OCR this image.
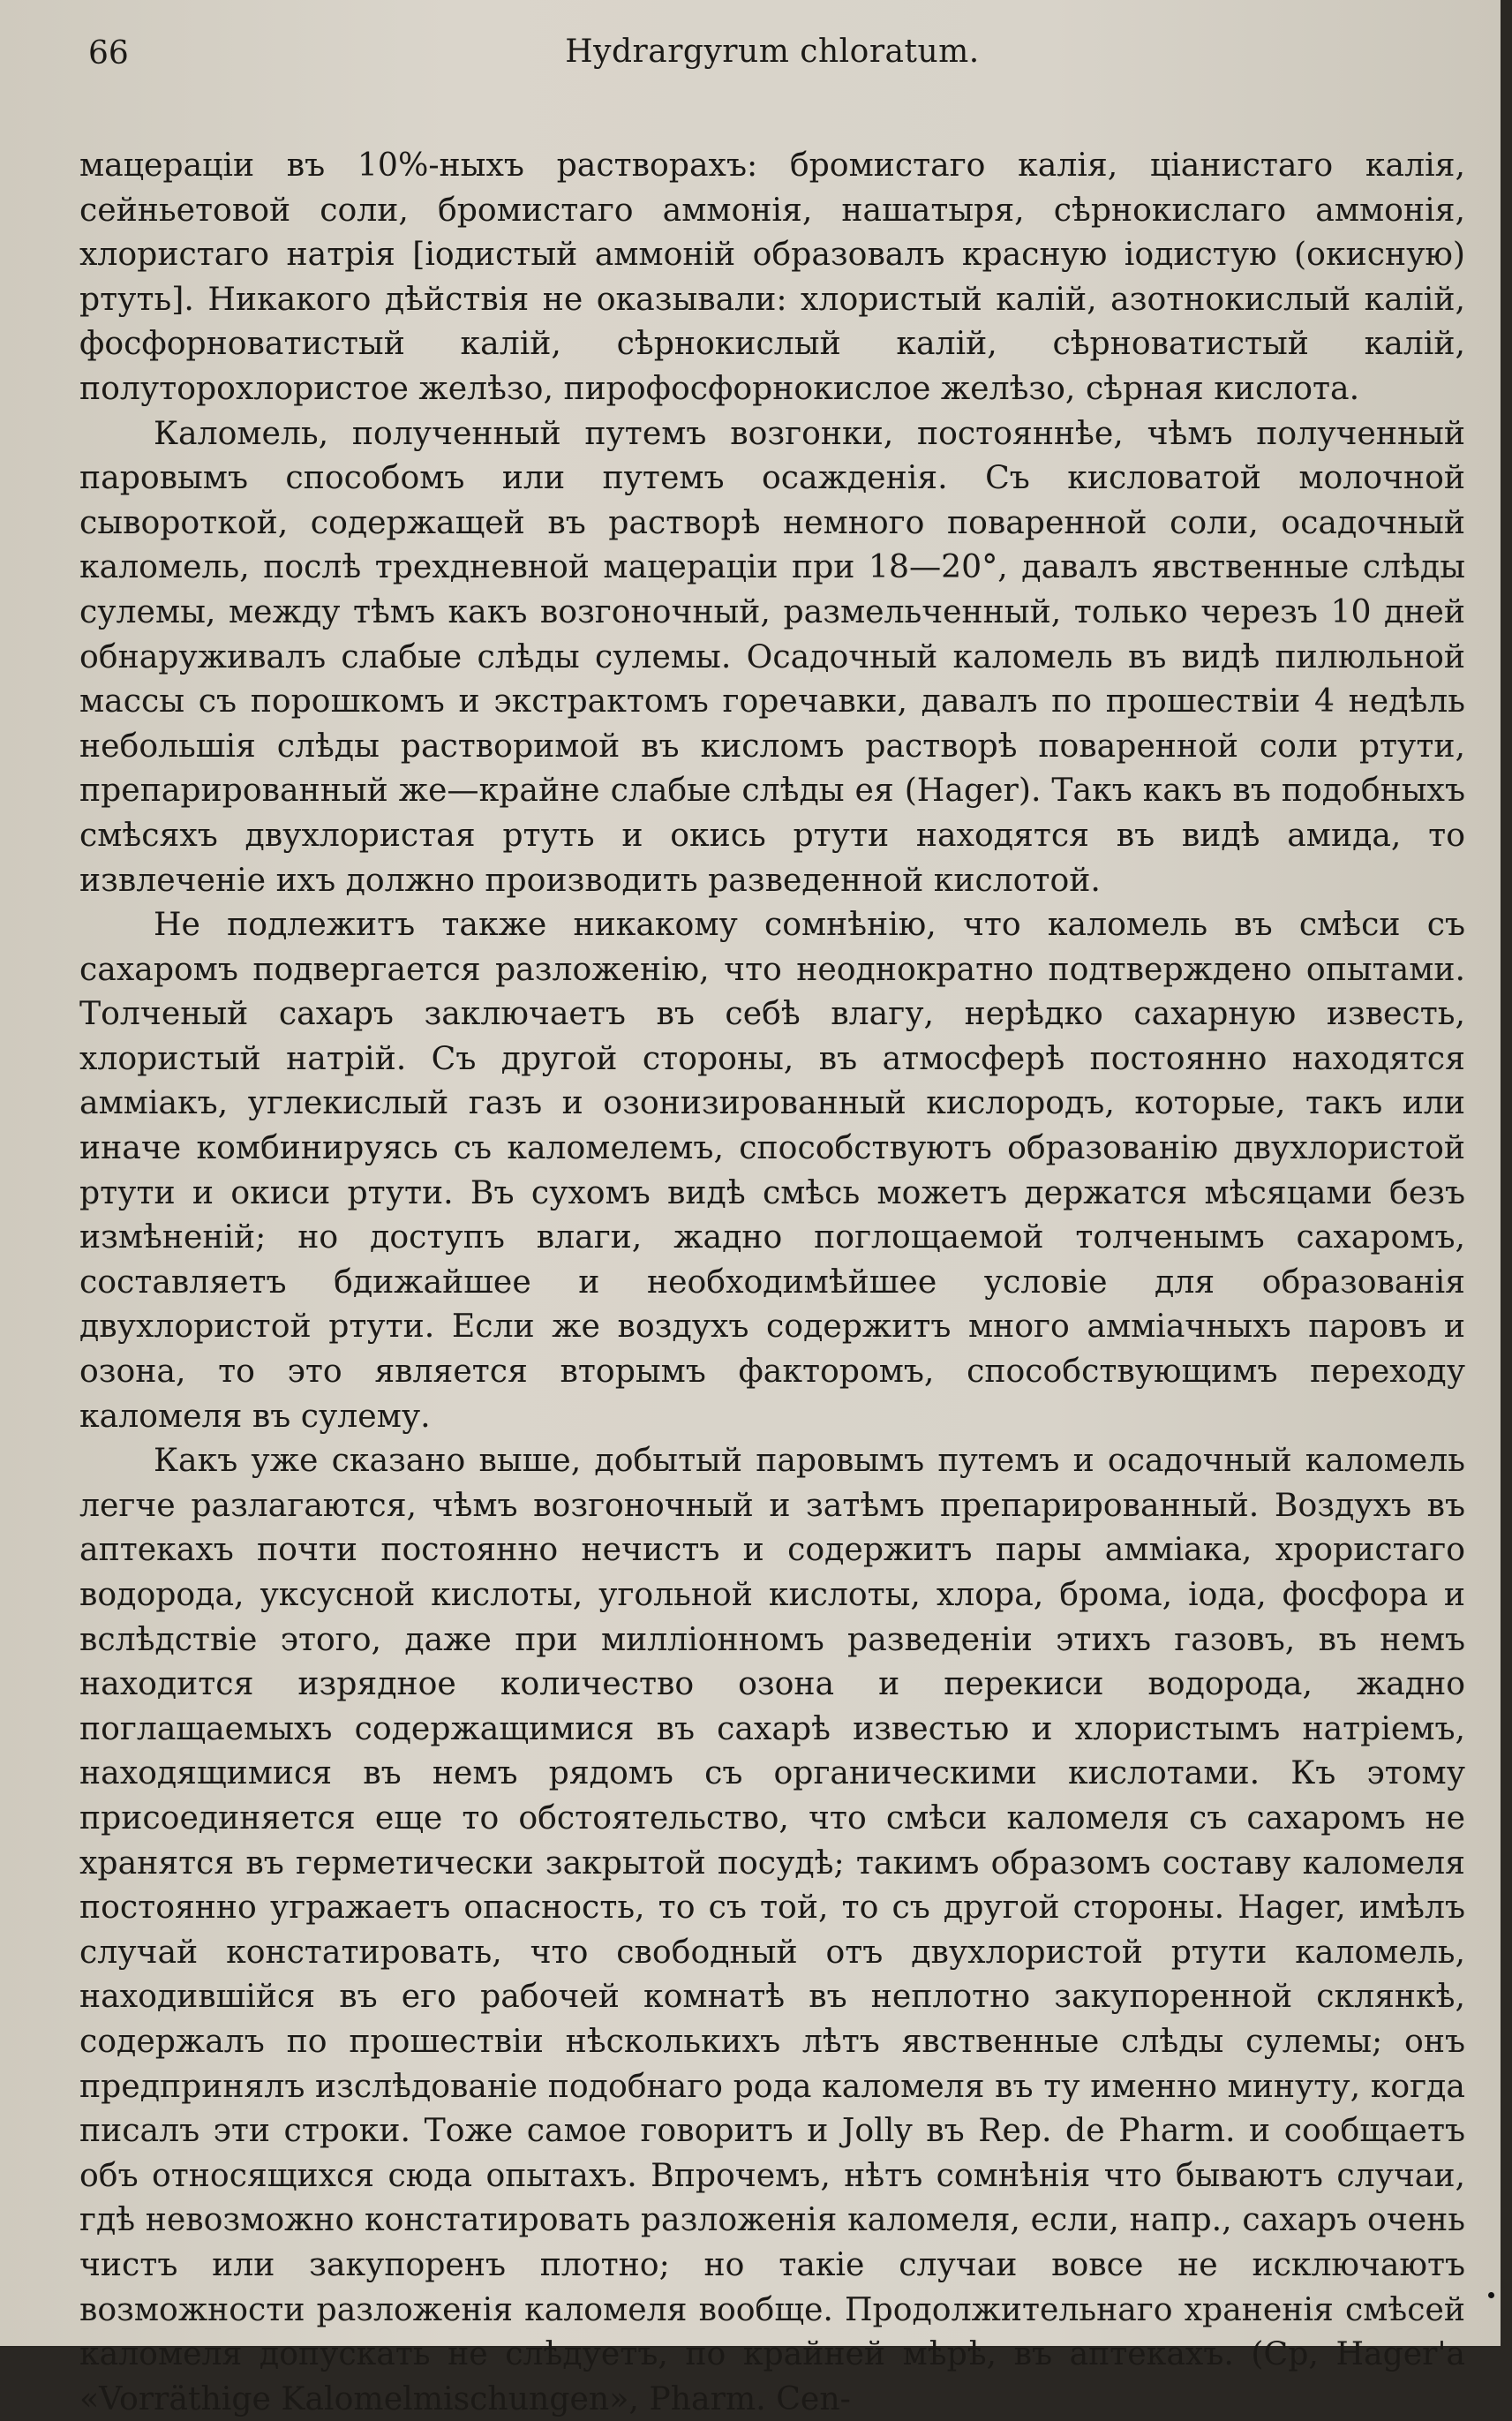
66	Hydrargyrum chloratum.

мацераціи въ 10%-ныхъ растворахъ: бромистаго калія, ціанистаго калія, сейньетовой соли, бромистаго аммонія, нашатыря, сѣрнокислаго аммонія, хлористаго натрія [іодистый аммоній образовалъ красную іодистую (окисную) ртуть]. Никакого дѣйствія не оказывали: хлористый калій, азотнокислый калій, фосфорноватистый калій, сѣрнокислый калій, сѣрноватистый калій, полуторохлористое желѣзо, пирофосфорнокислое желѣзо, сѣрная кислота.

Каломель, полученный путемъ возгонки, постояннѣе, чѣмъ полученный паровымъ способомъ или путемъ осажденія. Съ кисловатой молочной сывороткой, содержащей въ растворѣ немного поваренной соли, осадочный каломель, послѣ трехдневной мацераціи при 18—20°, давалъ явственные слѣды сулемы, между тѣмъ какъ возгоночный, размельченный, только черезъ 10 дней обнаруживалъ слабые слѣды сулемы. Осадочный каломель въ видѣ пилюльной массы съ порошкомъ и экстрактомъ горечавки, давалъ по прошествіи 4 недѣль небольшія слѣды растворимой въ кисломъ растворѣ поваренной соли ртути, препарированный же—крайне слабые слѣды ея (Hager). Такъ какъ въ подобныхъ смѣсяхъ двухлористая ртуть и окись ртути находятся въ видѣ амида, то извлеченіе ихъ должно производить разведенной кислотой.

Не подлежитъ также никакому сомнѣнію, что каломель въ смѣси съ сахаромъ подвергается разложенію, что неоднократно подтверждено опытами. Толченый сахаръ заключаетъ въ себѣ влагу, нерѣдко сахарную известь, хлористый натрій. Съ другой стороны, въ атмосферѣ постоянно находятся аммiакъ, углекислый газъ и озонизированный кислородъ, которые, такъ или иначе комбинируясь съ каломелемъ, способствуютъ образованію двухлористой ртути и окиси ртути. Въ сухомъ видѣ смѣсь можетъ держатся мѣсяцами безъ измѣненій; но доступъ влаги, жадно поглощаемой толченымъ сахаромъ, составляетъ бдижайшее и необходимѣйшее условіе для образованія двухлористой ртути. Если же воздухъ содержитъ много амміачныхъ паровъ и озона, то это является вторымъ факторомъ, способствующимъ переходу каломеля въ сулему.

Какъ уже сказано выше, добытый паровымъ путемъ и осадочный каломель легче разлагаются, чѣмъ возгоночный и затѣмъ препарированный. Воздухъ въ аптекахъ почти постоянно нечистъ и содержитъ пары амміака, хрористаго водорода, уксусной кислоты, угольной кислоты, хлора, брома, іода, фосфора и вслѣдствіе этого, даже при милліонномъ разведеніи этихъ газовъ, въ немъ находится изрядное количество озона и перекиси водорода, жадно поглащаемыхъ содержащимися въ сахарѣ известью и хлористымъ натріемъ, находящимися въ немъ рядомъ съ органическими кислотами. Къ этому присоединяется еще то обстоятельство, что смѣси каломеля съ сахаромъ не хранятся въ герметически закрытой посудѣ; такимъ образомъ составу каломеля постоянно угражаетъ опасность, то съ той, то съ другой стороны. Hager, имѣлъ случай констатировать, что свободный отъ двухлористой ртути каломель, находившійся въ его рабочей комнатѣ въ неплотно закупоренной склянкѣ, содержалъ по прошествіи нѣсколькихъ лѣтъ явственные слѣды сулемы; онъ предпринялъ изслѣдованіе подобнаго рода каломеля въ ту именно минуту, когда писалъ эти строки. Тоже самое говоритъ и Jolly въ Rep. de Pharm. и сообщаетъ объ относящихся сюда опытахъ. Впрочемъ, нѣтъ сомнѣнія что бываютъ случаи, гдѣ невозможно констатировать разложенія каломеля, если, напр., сахаръ очень чистъ или закупоренъ плотно; но такіе случаи вовсе не исключаютъ возможности разложенія каломеля вообще. Продолжительнаго храненія смѣсей каломеля допускать не слѣдуетъ, по крайней мѣрѣ, въ аптекахъ. (Ср, Hager'а «Vorräthige Kalomelmischungen», Pharm. Cen-
